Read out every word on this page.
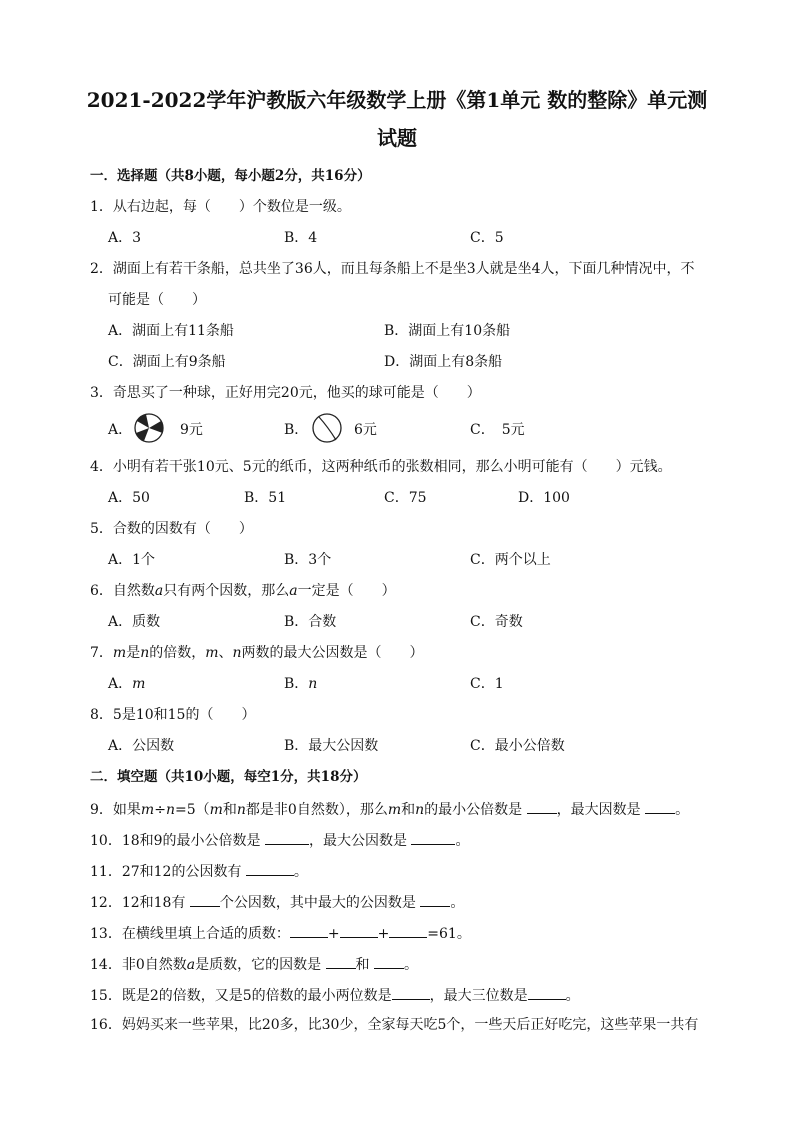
2021-2022学年沪教版六年级数学上册《第1单元 数的整除》单元测
试题
一．选择题（共8小题，每小题2分，共16分）
1．从右边起，每（　　）个数位是一级。
A．3	B．4	C．5
2．湖面上有若干条船，总共坐了36人，而且每条船上不是坐3人就是坐4人，下面几种情况中，不
可能是（　　）
A．湖面上有11条船	B．湖面上有10条船
C．湖面上有9条船	D．湖面上有8条船
3．奇思买了一种球，正好用完20元，他买的球可能是（　　）
A．	9元	B．	6元	C．　5元
4．小明有若干张10元、5元的纸币，这两种纸币的张数相同，那么小明可能有（　　）元钱。
A．50	B．51	C．75	D．100
5．合数的因数有（　　）
A．1个	B．3个	C．两个以上
6．自然数a只有两个因数，那么a一定是（　　）
A．质数	B．合数	C．奇数
7．m是n的倍数，m、n两数的最大公因数是（　　）
A．m	B．n	C．1
8．5是10和15的（　　）
A．公因数	B．最大公因数	C．最小公倍数
二．填空题（共10小题，每空1分，共18分）
9．如果m÷n=5（m和n都是非0自然数），那么m和n的最小公倍数是 ，最大因数是 。
10．18和9的最小公倍数是	，最大公因数是	。
11．27和12的公因数有	。
12．12和18有 个公因数，其中最大的公因数是 。
13．在横线里填上合适的质数：	+	+	=61。
14．非0自然数a是质数，它的因数是 和 。
15．既是2的倍数，又是5的倍数的最小两位数是	，最大三位数是	。
16．妈妈买来一些苹果，比20多，比30少，全家每天吃5个，一些天后正好吃完，这些苹果一共有
